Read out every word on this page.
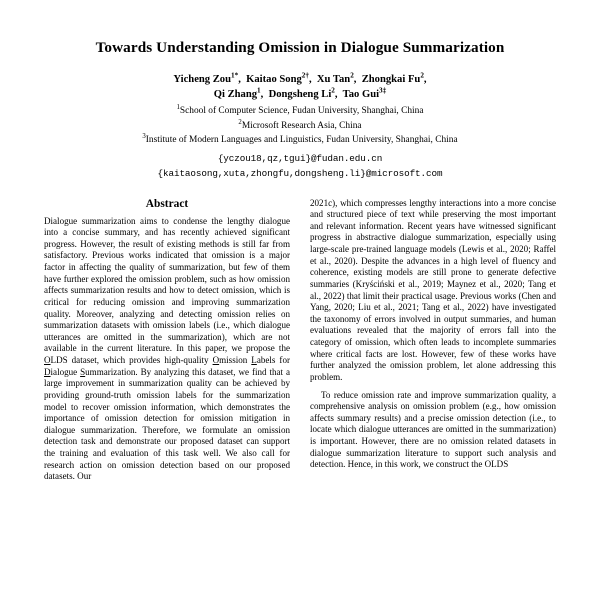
Towards Understanding Omission in Dialogue Summarization
Yicheng Zou$^{1*}$,  Kaitao Song$^{2\dagger}$,  Xu Tan$^2$,  Zhongkai Fu$^2$,
Qi Zhang$^1$,  Dongsheng Li$^2$,  Tao Gui$^{3\ddagger}$
$^1$School of Computer Science, Fudan University, Shanghai, China
$^2$Microsoft Research Asia, China
$^3$Institute of Modern Languages and Linguistics, Fudan University, Shanghai, China
{yczou18,qz,tgui}@fudan.edu.cn
{kaitaosong,xuta,zhongfu,dongsheng.li}@microsoft.com
Abstract

Dialogue summarization aims to condense the lengthy dialogue into a concise summary, and has recently achieved significant progress. However, the result of existing methods is still far from satisfactory. Previous works indicated that omission is a major factor in affecting the quality of summarization, but few of them have further explored the omission problem, such as how omission affects summarization results and how to detect omission, which is critical for reducing omission and improving summarization quality. Moreover, analyzing and detecting omission relies on summarization datasets with omission labels (i.e., which dialogue utterances are omitted in the summarization), which are not available in the current literature. In this paper, we propose the OLDS dataset, which provides high-quality Omission Labels for Dialogue Summarization. By analyzing this dataset, we find that a large improvement in summarization quality can be achieved by providing ground-truth omission labels for the summarization model to recover omission information, which demonstrates the importance of omission detection for omission mitigation in dialogue summarization. Therefore, we formulate an omission detection task and demonstrate our proposed dataset can support the training and evaluation of this task well. We also call for research action on omission detection based on our proposed datasets. Our

2021c), which compresses lengthy interactions into a more concise and structured piece of text while preserving the most important and relevant information. Recent years have witnessed significant progress in abstractive dialogue summarization, especially using large-scale pre-trained language models (Lewis et al., 2020; Raffel et al., 2020). Despite the advances in a high level of fluency and coherence, existing models are still prone to generate defective summaries (Kryściński et al., 2019; Maynez et al., 2020; Tang et al., 2022) that limit their practical usage. Previous works (Chen and Yang, 2020; Liu et al., 2021; Tang et al., 2022) have investigated the taxonomy of errors involved in output summaries, and human evaluations revealed that the majority of errors fall into the category of omission, which often leads to incomplete summaries where critical facts are lost. However, few of these works have further analyzed the omission problem, let alone addressing this problem.

To reduce omission rate and improve summarization quality, a comprehensive analysis on omission problem (e.g., how omission affects summary results) and a precise omission detection (i.e., to locate which dialogue utterances are omitted in the summarization) is important. However, there are no omission related datasets in dialogue summarization literature to support such analysis and detection. Hence, in this work, we construct the OLDS
